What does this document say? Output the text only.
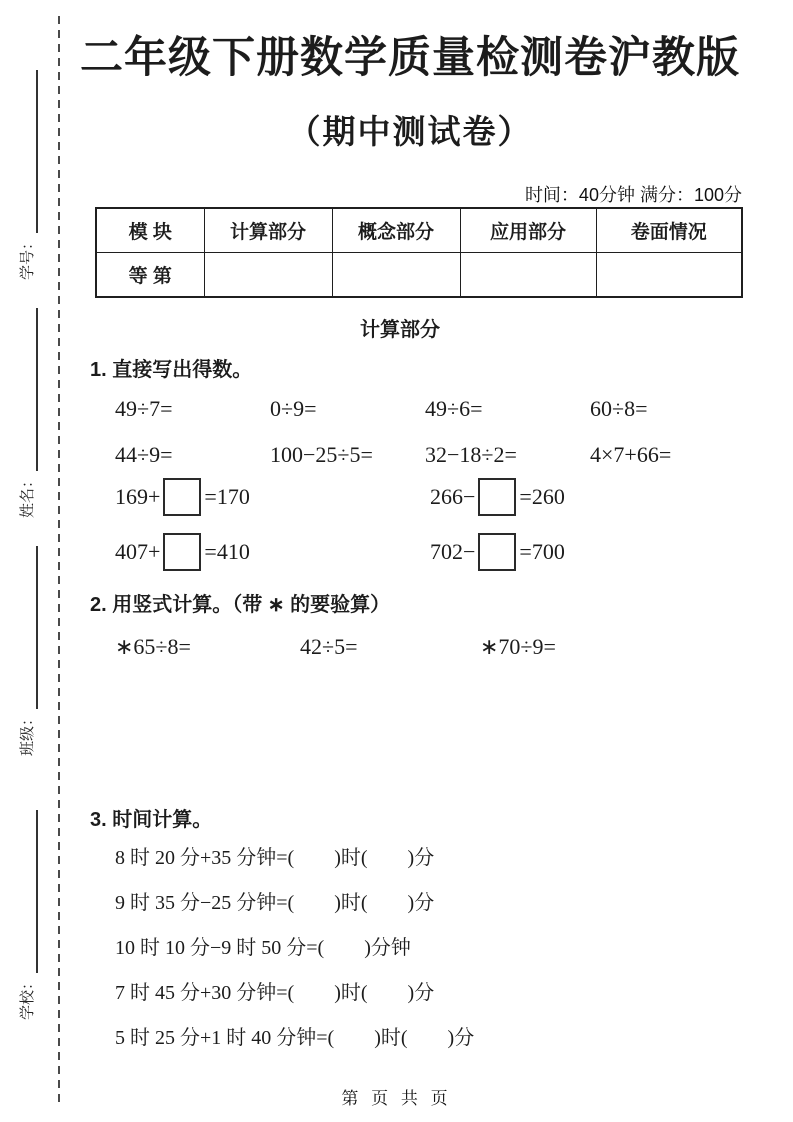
学号：
姓名：
班级：
学校：
二年级下册数学质量检测卷沪教版
（期中测试卷）
时间：40分钟 满分：100分
模 块	计算部分	概念部分	应用部分	卷面情况
等 第				
计算部分
1. 直接写出得数。
49÷7=	0÷9=	49÷6=	60÷8=
44÷9=	100−25÷5=	32−18÷2=	4×7+66=
169+ =170	266− =260
407+ =410	702− =700
2. 用竖式计算。（带 ∗ 的要验算）
∗65÷8=	42÷5=	∗70÷9=
3. 时间计算。
8 时 20 分+35 分钟=(　　)时(　　)分
9 时 35 分−25 分钟=(　　)时(　　)分
10 时 10 分−9 时 50 分=(　　)分钟
7 时 45 分+30 分钟=(　　)时(　　)分
5 时 25 分+1 时 40 分钟=(　　)时(　　)分
第 页 共 页
